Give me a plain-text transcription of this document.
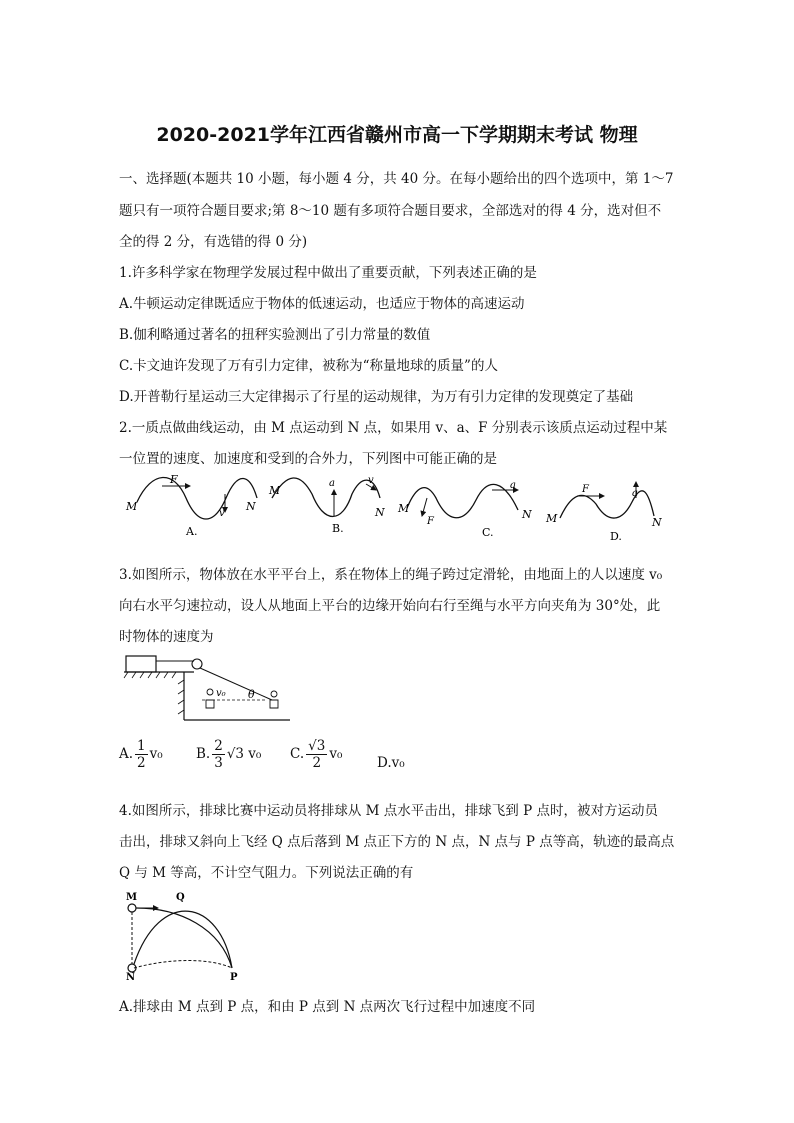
2020-2021学年江西省赣州市高一下学期期末考试 物理
一、选择题(本题共 10 小题，每小题 4 分，共 40 分。在每小题给出的四个选项中，第 1～7
题只有一项符合题目要求;第 8～10 题有多项符合题目要求，全部选对的得 4 分，选对但不
全的得 2 分，有选错的得 0 分)
1.许多科学家在物理学发展过程中做出了重要贡献，下列表述正确的是
A.牛顿运动定律既适应于物体的低速运动，也适应于物体的高速运动
B.伽利略通过著名的扭秤实验测出了引力常量的数值
C.卡文迪许发现了万有引力定律，被称为“称量地球的质量”的人
D.开普勒行星运动三大定律揭示了行星的运动规律，为万有引力定律的发现奠定了基础
2.一质点做曲线运动，由 M 点运动到 N 点，如果用 v、a、F 分别表示该质点运动过程中某
一位置的速度、加速度和受到的合外力，下列图中可能正确的是
M
F
v
N
A.
M
a	v
N
B.
M
F
a
N
C.
M
F	a
N
D.
3.如图所示，物体放在水平平台上，系在物体上的绳子跨过定滑轮，由地面上的人以速度 v₀
向右水平匀速拉动，设人从地面上平台的边缘开始向右行至绳与水平方向夹角为 30°处，此
时物体的速度为
v₀ θ
A. $\frac{1}{2} v_0$ B. $\frac{2}{3} √3$ v₀ C. $\frac{√3}{2} v_0$
D.v₀
4.如图所示，排球比赛中运动员将排球从 M 点水平击出，排球飞到 P 点时，被对方运动员
击出，排球又斜向上飞经 Q 点后落到 M 点正下方的 N 点，N 点与 P 点等高，轨迹的最高点
Q 与 M 等高，不计空气阻力。下列说法正确的有
M	Q
N	P
A.排球由 M 点到 P 点，和由 P 点到 N 点两次飞行过程中加速度不同
